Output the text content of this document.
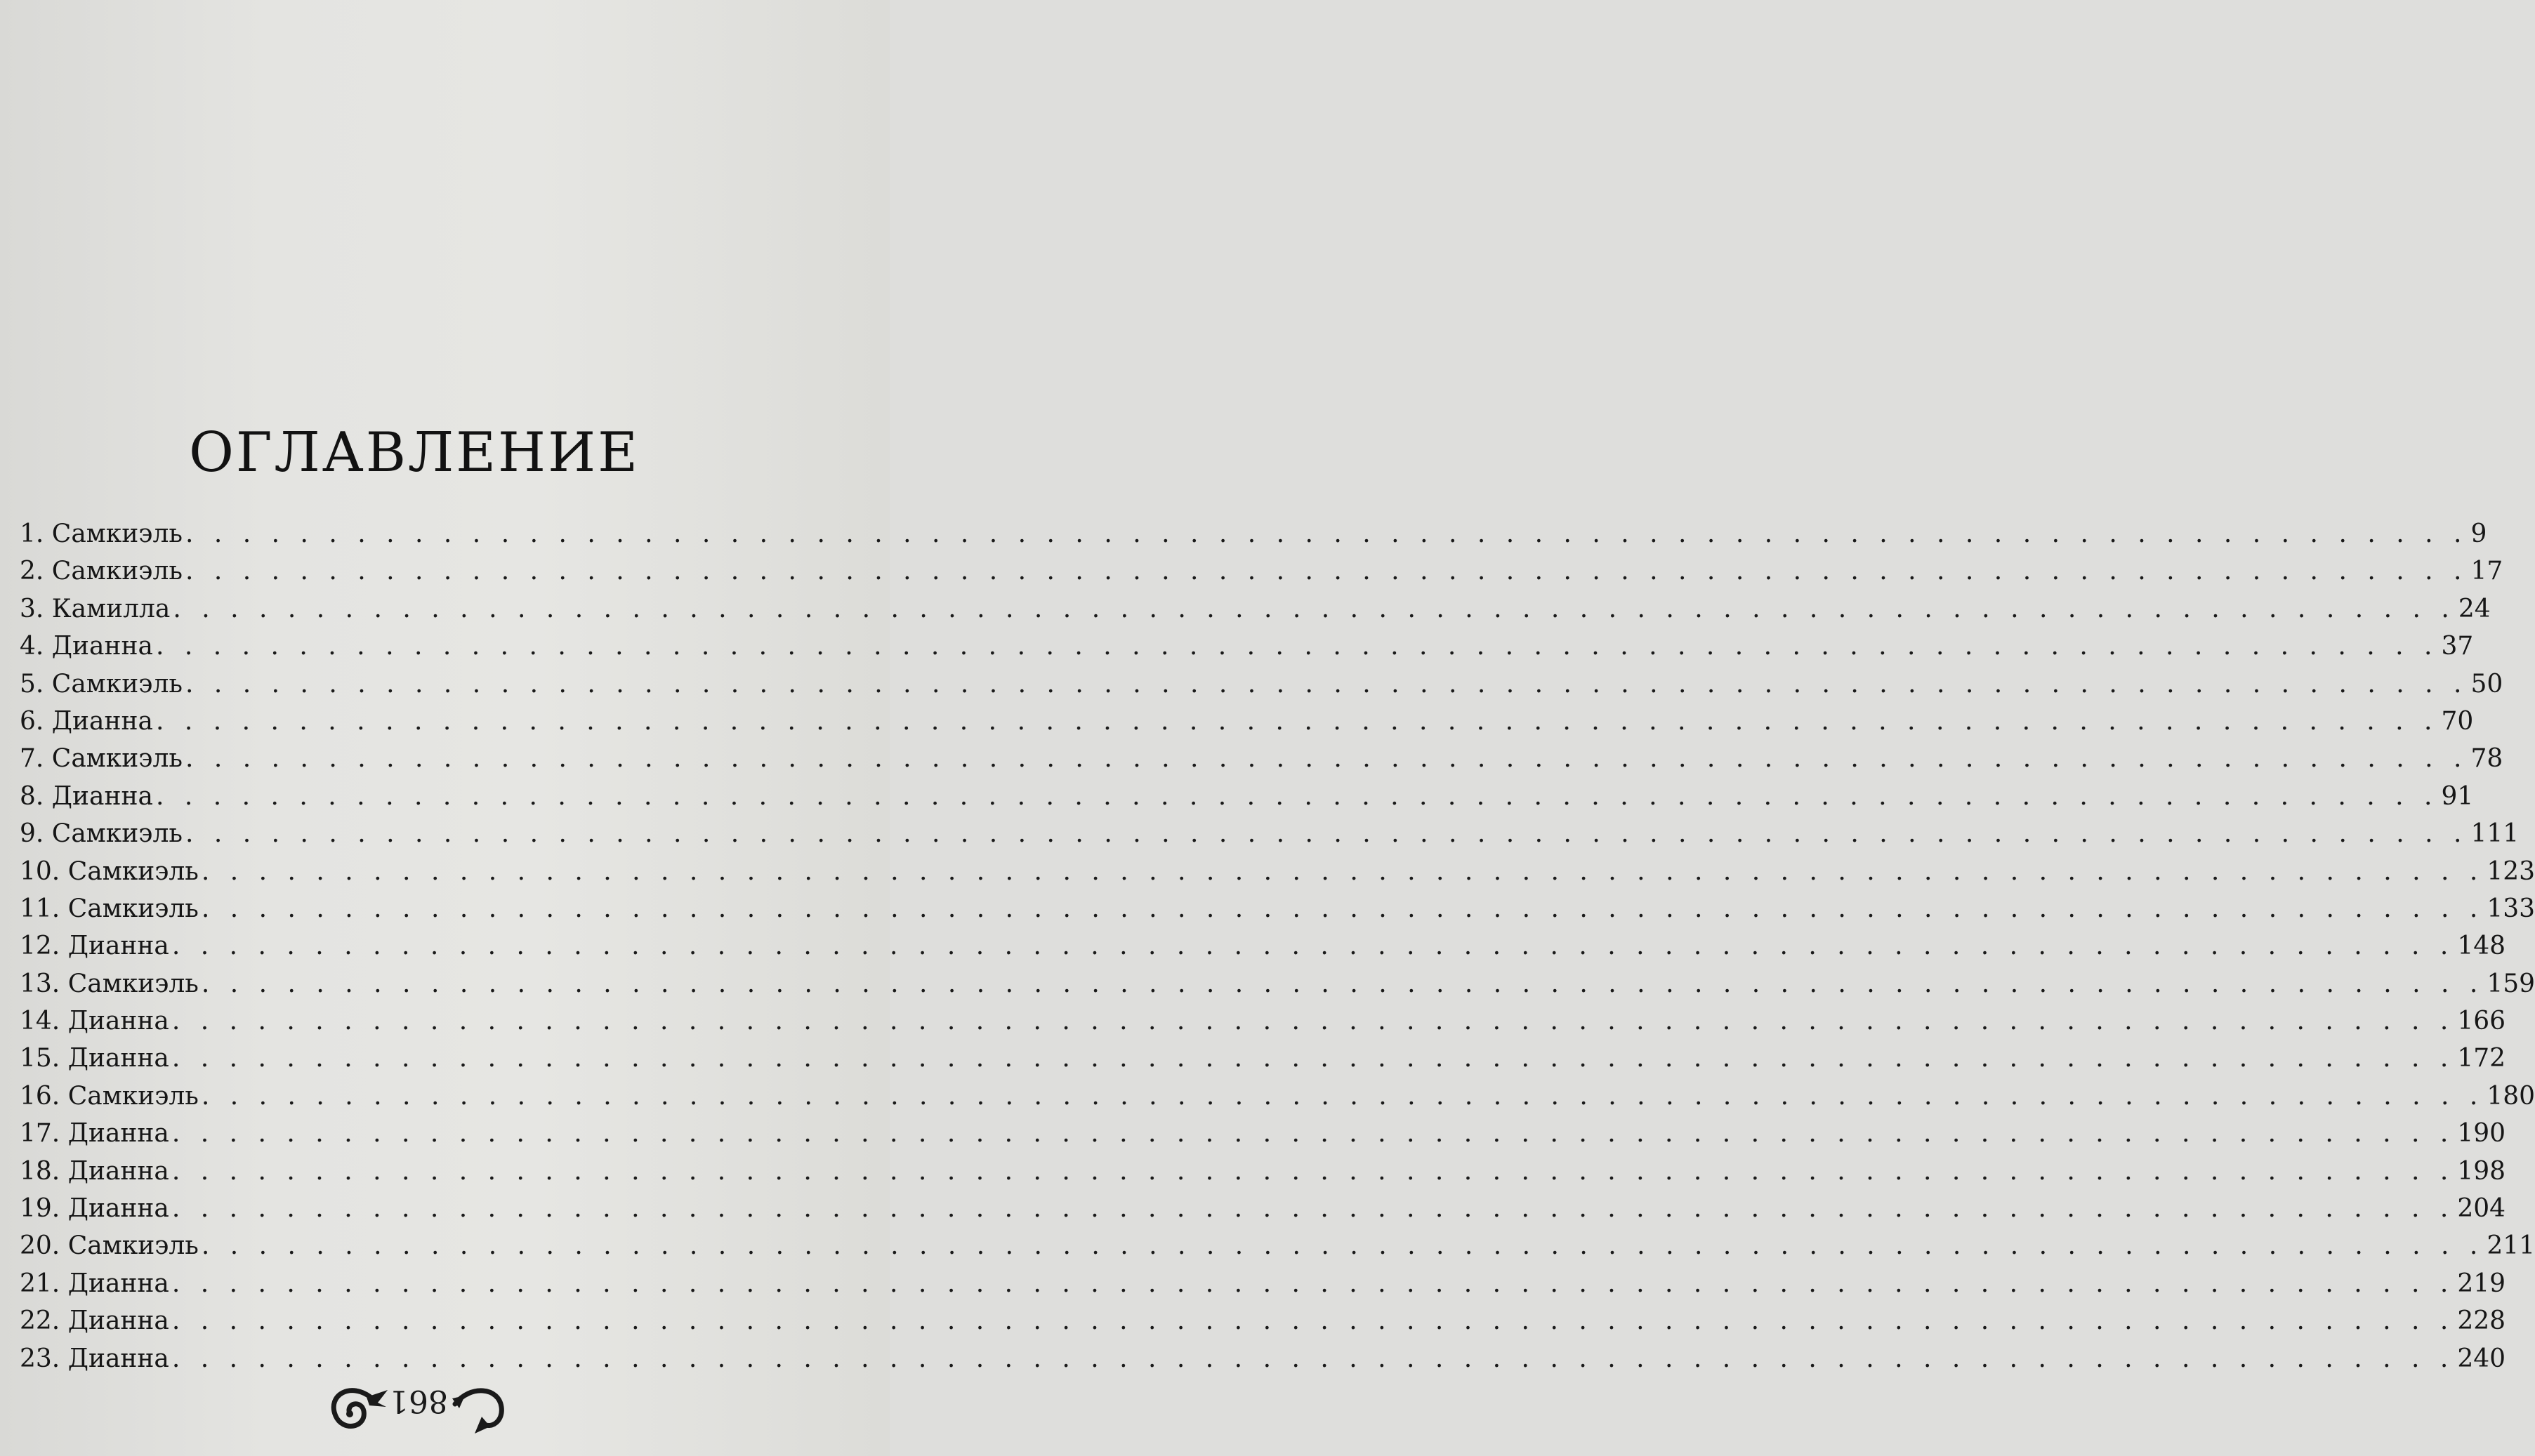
ОГЛАВЛЕНИЕ
1. Самкиэль . . . . . . . . . . . . . . . . . . . . . . . . . . . . . . . . . . . . . . . . . . . . . . . . . . . . . . . . . . . . . . . . . . . . . . . . . . . . . . . . 9
2. Самкиэль . . . . . . . . . . . . . . . . . . . . . . . . . . . . . . . . . . . . . . . . . . . . . . . . . . . . . . . . . . . . . . . . . . . . . . . . . . . . . . . . 17
3. Камилла . . . . . . . . . . . . . . . . . . . . . . . . . . . . . . . . . . . . . . . . . . . . . . . . . . . . . . . . . . . . . . . . . . . . . . . . . . . . . . . . 24
4. Дианна . . . . . . . . . . . . . . . . . . . . . . . . . . . . . . . . . . . . . . . . . . . . . . . . . . . . . . . . . . . . . . . . . . . . . . . . . . . . . . . . 37
5. Самкиэль . . . . . . . . . . . . . . . . . . . . . . . . . . . . . . . . . . . . . . . . . . . . . . . . . . . . . . . . . . . . . . . . . . . . . . . . . . . . . . . . 50
6. Дианна . . . . . . . . . . . . . . . . . . . . . . . . . . . . . . . . . . . . . . . . . . . . . . . . . . . . . . . . . . . . . . . . . . . . . . . . . . . . . . . . 70
7. Самкиэль . . . . . . . . . . . . . . . . . . . . . . . . . . . . . . . . . . . . . . . . . . . . . . . . . . . . . . . . . . . . . . . . . . . . . . . . . . . . . . . . 78
8. Дианна . . . . . . . . . . . . . . . . . . . . . . . . . . . . . . . . . . . . . . . . . . . . . . . . . . . . . . . . . . . . . . . . . . . . . . . . . . . . . . . . 91
9. Самкиэль . . . . . . . . . . . . . . . . . . . . . . . . . . . . . . . . . . . . . . . . . . . . . . . . . . . . . . . . . . . . . . . . . . . . . . . . . . . . . . . . 111
10. Самкиэль . . . . . . . . . . . . . . . . . . . . . . . . . . . . . . . . . . . . . . . . . . . . . . . . . . . . . . . . . . . . . . . . . . . . . . . . . . . . . . . . 123
11. Самкиэль . . . . . . . . . . . . . . . . . . . . . . . . . . . . . . . . . . . . . . . . . . . . . . . . . . . . . . . . . . . . . . . . . . . . . . . . . . . . . . . . 133
12. Дианна . . . . . . . . . . . . . . . . . . . . . . . . . . . . . . . . . . . . . . . . . . . . . . . . . . . . . . . . . . . . . . . . . . . . . . . . . . . . . . . . 148
13. Самкиэль . . . . . . . . . . . . . . . . . . . . . . . . . . . . . . . . . . . . . . . . . . . . . . . . . . . . . . . . . . . . . . . . . . . . . . . . . . . . . . . . 159
14. Дианна . . . . . . . . . . . . . . . . . . . . . . . . . . . . . . . . . . . . . . . . . . . . . . . . . . . . . . . . . . . . . . . . . . . . . . . . . . . . . . . . 166
15. Дианна . . . . . . . . . . . . . . . . . . . . . . . . . . . . . . . . . . . . . . . . . . . . . . . . . . . . . . . . . . . . . . . . . . . . . . . . . . . . . . . . 172
16. Самкиэль . . . . . . . . . . . . . . . . . . . . . . . . . . . . . . . . . . . . . . . . . . . . . . . . . . . . . . . . . . . . . . . . . . . . . . . . . . . . . . . . 180
17. Дианна . . . . . . . . . . . . . . . . . . . . . . . . . . . . . . . . . . . . . . . . . . . . . . . . . . . . . . . . . . . . . . . . . . . . . . . . . . . . . . . . 190
18. Дианна . . . . . . . . . . . . . . . . . . . . . . . . . . . . . . . . . . . . . . . . . . . . . . . . . . . . . . . . . . . . . . . . . . . . . . . . . . . . . . . . 198
19. Дианна . . . . . . . . . . . . . . . . . . . . . . . . . . . . . . . . . . . . . . . . . . . . . . . . . . . . . . . . . . . . . . . . . . . . . . . . . . . . . . . . 204
20. Самкиэль . . . . . . . . . . . . . . . . . . . . . . . . . . . . . . . . . . . . . . . . . . . . . . . . . . . . . . . . . . . . . . . . . . . . . . . . . . . . . . . . 211
21. Дианна . . . . . . . . . . . . . . . . . . . . . . . . . . . . . . . . . . . . . . . . . . . . . . . . . . . . . . . . . . . . . . . . . . . . . . . . . . . . . . . . 219
22. Дианна . . . . . . . . . . . . . . . . . . . . . . . . . . . . . . . . . . . . . . . . . . . . . . . . . . . . . . . . . . . . . . . . . . . . . . . . . . . . . . . . 228
23. Дианна . . . . . . . . . . . . . . . . . . . . . . . . . . . . . . . . . . . . . . . . . . . . . . . . . . . . . . . . . . . . . . . . . . . . . . . . . . . . . . . . 240
861
